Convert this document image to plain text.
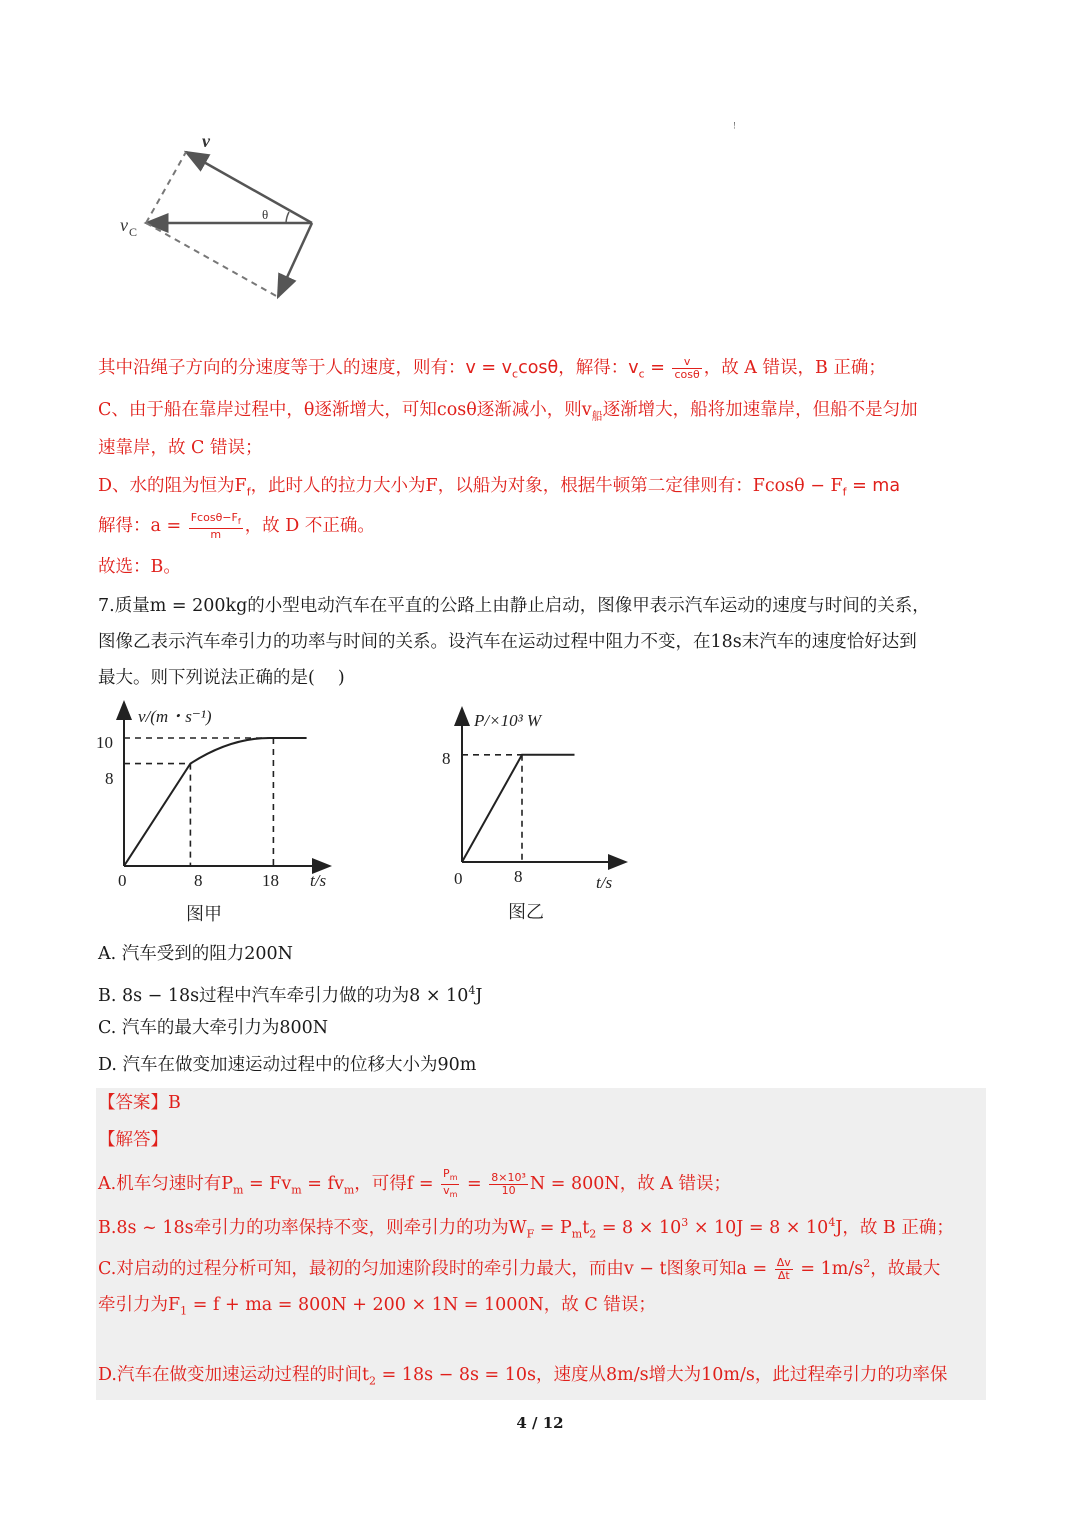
v
v C
θ
!
其中沿绳子方向的分速度等于人的速度，则有：$v = v_c\cos\theta$，解得：$v_c = \frac{v}{\cos\theta}$ ，故 A 错误，B 正确；
C、由于船在靠岸过程中，θ逐渐增大，可知cosθ逐渐减小，则$v_船$逐渐增大，船将加速靠岸，但船不是匀加
速靠岸，故 C 错误；
D、水的阻为恒为$F_f$，此时人的拉力大小为F，以船为对象，根据牛顿第二定律则有：$Fcos\theta - F_f$ = ma
解得：$a = \frac{Fcos\theta-F_f}{m}$ ，故 D 不正确。
故选：B。
7.质量m = 200kg的小型电动汽车在平直的公路上由静止启动，图像甲表示汽车运动的速度与时间的关系，
图像乙表示汽车牵引力的功率与时间的关系。设汽车在运动过程中阻力不变，在18s末汽车的速度恰好达到
最大。则下列说法正确的是(　 )
v/(m・s⁻¹)
t/s
10
8
0	8	18
图甲
P/×10³ W
t/s
8
0	8
图乙
A. 汽车受到的阻力200N
B. 8s − 18s过程中汽车牵引力做的功为$8 \times 10^4J$
C. 汽车的最大牵引力为800N
D. 汽车在做变加速运动过程中的位移大小为90m
【答案】B
【解答】
A.机车匀速时有$P_m = Fv_m = fv_m$，可得$f = \frac{P_m}{v_m} = \frac{\text{8×10³}}{10}$ N = 800N，故 A 错误；
B.8s ~ 18s牵引力的功率保持不变，则牵引力的功为$W_F = P_mt_2 = 8 \times 10^3 \times 10J = 8 \times 10^4J$，故 B 正确；
C.对启动的过程分析可知，最初的匀加速阶段时的牵引力最大，而由v − t图象可知$a = \frac{\Delta v}{\Delta t} = 1m/s^2$，故最大
牵引力为$F_1 = f$ + ma = 800N + 200 × 1N = 1000N，故 C 错误；
D.汽车在做变加速运动过程的时间$t_2 = 18s - 8s = 10s$，速度从8m/s增大为10m/s，此过程牵引力的功率保
4 / 12
